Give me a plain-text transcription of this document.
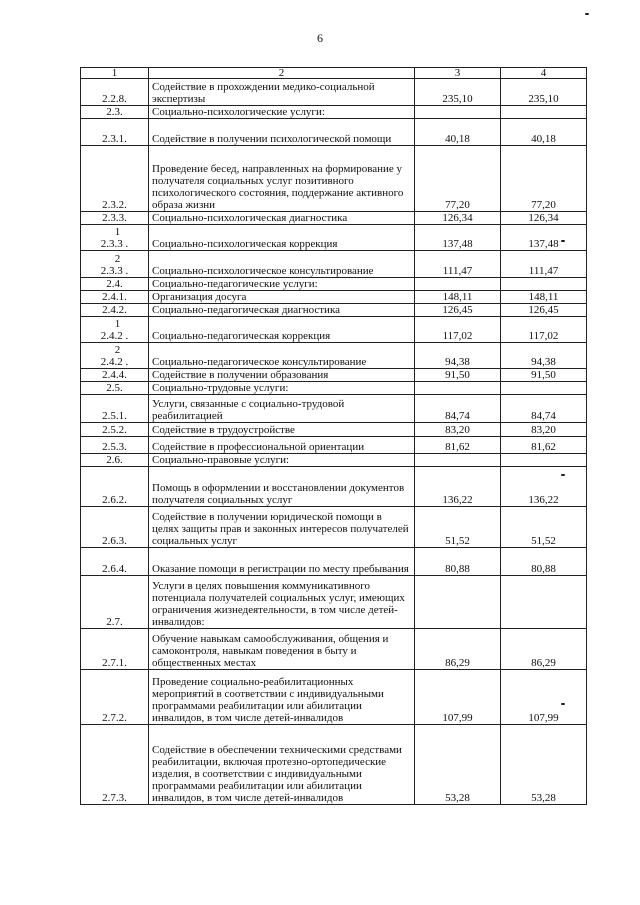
6
1	2	3	4

2.2.8.	Содействие в прохождении медико-социальной экспертизы	235,10	235,10

2.3.	Социально-психологические услуги:		

2.3.1.	Содействие в получении психологической помощи	40,18	40,18

2.3.2.	Проведение бесед, направленных на формирование у получателя социальных услуг позитивного психологического состояния, поддержание активного образа жизни	77,20	77,20

2.3.3.	Социально-психологическая диагностика	126,34	126,34

1
2.3.3 .	Социально-психологическая коррекция	137,48	137,48

2
2.3.3 .	Социально-психологическое консультирование	111,47	111,47

2.4.	Социально-педагогические услуги:		

2.4.1.	Организация досуга	148,11	148,11

2.4.2.	Социально-педагогическая диагностика	126,45	126,45

1
2.4.2 .	Социально-педагогическая коррекция	117,02	117,02

2
2.4.2 .	Социально-педагогическое консультирование	94,38	94,38

2.4.4.	Содействие в получении образования	91,50	91,50

2.5.	Социально-трудовые услуги:		

2.5.1.	Услуги, связанные с социально-трудовой реабилитацией	84,74	84,74

2.5.2.	Содействие в трудоустройстве	83,20	83,20

2.5.3.	Содействие в профессиональной ориентации	81,62	81,62

2.6.	Социально-правовые услуги:		

2.6.2.	Помощь в оформлении и восстановлении документов получателя социальных услуг	136,22	136,22

2.6.3.	Содействие в получении юридической помощи в целях защиты прав и законных интересов получателей социальных услуг	51,52	51,52

2.6.4.	Оказание помощи в регистрации по месту пребывания	80,88	80,88

2.7.	Услуги в целях повышения коммуникативного потенциала получателей социальных услуг, имеющих ограничения жизнедеятельности, в том числе детей-инвалидов:		

2.7.1.	Обучение навыкам самообслуживания, общения и самоконтроля, навыкам поведения в быту и общественных местах	86,29	86,29

2.7.2.	Проведение социально-реабилитационных мероприятий в соответствии с индивидуальными программами реабилитации или абилитации инвалидов, в том числе детей-инвалидов	107,99	107,99

2.7.3.	Содействие в обеспечении техническими средствами реабилитации, включая протезно-ортопедические изделия, в соответствии с индивидуальными программами реабилитации или абилитации инвалидов, в том числе детей-инвалидов	53,28	53,28
